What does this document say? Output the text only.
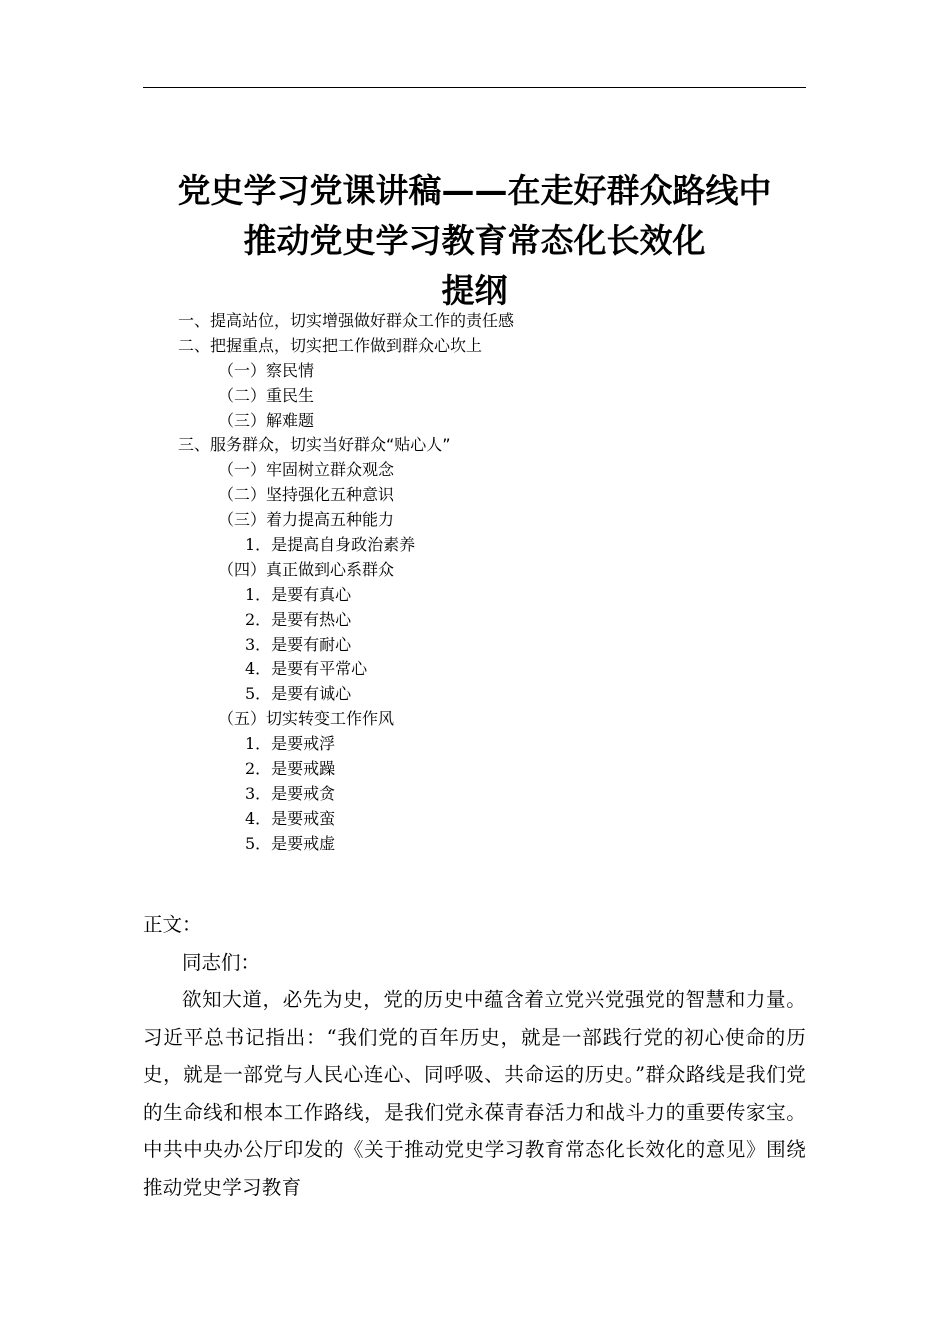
党史学习党课讲稿——在走好群众路线中
推动党史学习教育常态化长效化
提纲
一、提高站位，切实增强做好群众工作的责任感
二、把握重点，切实把工作做到群众心坎上
（一）察民情
（二）重民生
（三）解难题
三、服务群众，切实当好群众“贴心人”
（一）牢固树立群众观念
（二）坚持强化五种意识
（三）着力提高五种能力
1．是提高自身政治素养
（四）真正做到心系群众
1．是要有真心
2．是要有热心
3．是要有耐心
4．是要有平常心
5．是要有诚心
（五）切实转变工作作风
1．是要戒浮
2．是要戒躁
3．是要戒贪
4．是要戒蛮
5．是要戒虚

正文：

同志们：

欲知大道，必先为史，党的历史中蕴含着立党兴党强党的智慧和力量。习近平总书记指出：“我们党的百年历史，就是一部践行党的初心使命的历史，就是一部党与人民心连心、同呼吸、共命运的历史。”群众路线是我们党的生命线和根本工作路线，是我们党永葆青春活力和战斗力的重要传家宝。中共中央办公厅印发的《关于推动党史学习教育常态化长效化的意见》围绕推动党史学习教育
